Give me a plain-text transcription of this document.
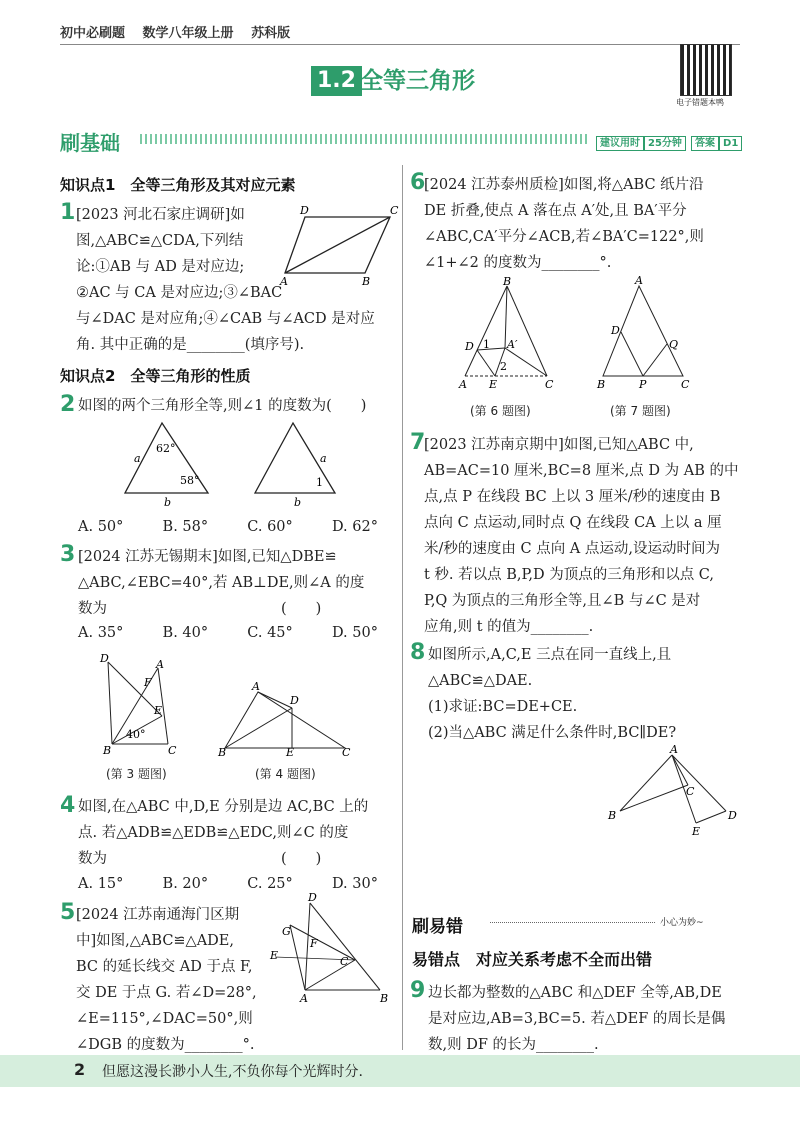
初中必刷题　 数学八年级上册　 苏科版
1.2 全等三角形
电子错题本鸭
刷基础	建议用时 25分钟 答案 D1
知识点1　全等三角形及其对应元素
1 [2023 河北石家庄调研]如
图,△ABC≌△CDA,下列结
论:①AB 与 AD 是对应边;
②AC 与 CA 是对应边;③∠BAC
与∠DAC 是对应角;④∠CAB 与∠ACD 是对应
角. 其中正确的是________(填序号).
D	C
A	B
知识点2　全等三角形的性质
2 如图的两个三角形全等,则∠1 的度数为(　　)
62°
58°
a
b
a
b
1
A. 50°	B. 58°	C. 60°	D. 62°
3 [2024 江苏无锡期末]如图,已知△DBE≌
△ABC,∠EBC=40°,若 AB⊥DE,则∠A 的度
数为　　　　　　　　　　　　(　　)
A. 35°	B. 40°	C. 45°	D. 50°
D	A
F
E
B	C
40°
A
D
B	E	C
(第 3 题图)	(第 4 题图)
4 如图,在△ABC 中,D,E 分别是边 AC,BC 上的
点. 若△ADB≌△EDB≌△EDC,则∠C 的度
数为　　　　　　　　　　　　(　　)
A. 15°	B. 20°	C. 25°	D. 30°
5 [2024 江苏南通海门区期
中]如图,△ABC≌△ADE,
BC 的延长线交 AD 于点 F,
交 DE 于点 G. 若∠D=28°,
∠E=115°,∠DAC=50°,则
∠DGB 的度数为________°.
D
G
F
E	C
A	B
6
[2024 江苏泰州质检]如图,将△ABC 纸片沿
DE 折叠,使点 A 落在点 A′处,且 BA′平分
∠ABC,CA′平分∠ACB,若∠BA′C=122°,则
∠1+∠2 的度数为________°.
B
D 1 A′
2
A E	C
A
D
Q
B	P	C
(第 6 题图)	(第 7 题图)
7
[2023 江苏南京期中]如图,已知△ABC 中,
AB=AC=10 厘米,BC=8 厘米,点 D 为 AB 的中
点,点 P 在线段 BC 上以 3 厘米/秒的速度由 B
点向 C 点运动,同时点 Q 在线段 CA 上以 a 厘
米/秒的速度由 C 点向 A 点运动,设运动时间为
t 秒. 若以点 B,P,D 为顶点的三角形和以点 C,
P,Q 为顶点的三角形全等,且∠B 与∠C 是对
应角,则 t 的值为________.
8 如图所示,A,C,E 三点在同一直线上,且
△ABC≌△DAE.
(1)求证:BC=DE+CE.
(2)当△ABC 满足什么条件时,BC∥DE?
A
C
B
E
D
刷易错	小心为妙~
易错点　对应关系考虑不全而出错
9 边长都为整数的△ABC 和△DEF 全等,AB,DE
是对应边,AB=3,BC=5. 若△DEF 的周长是偶
数,则 DF 的长为________.
2 但愿这漫长渺小人生,不负你每个光辉时分.
